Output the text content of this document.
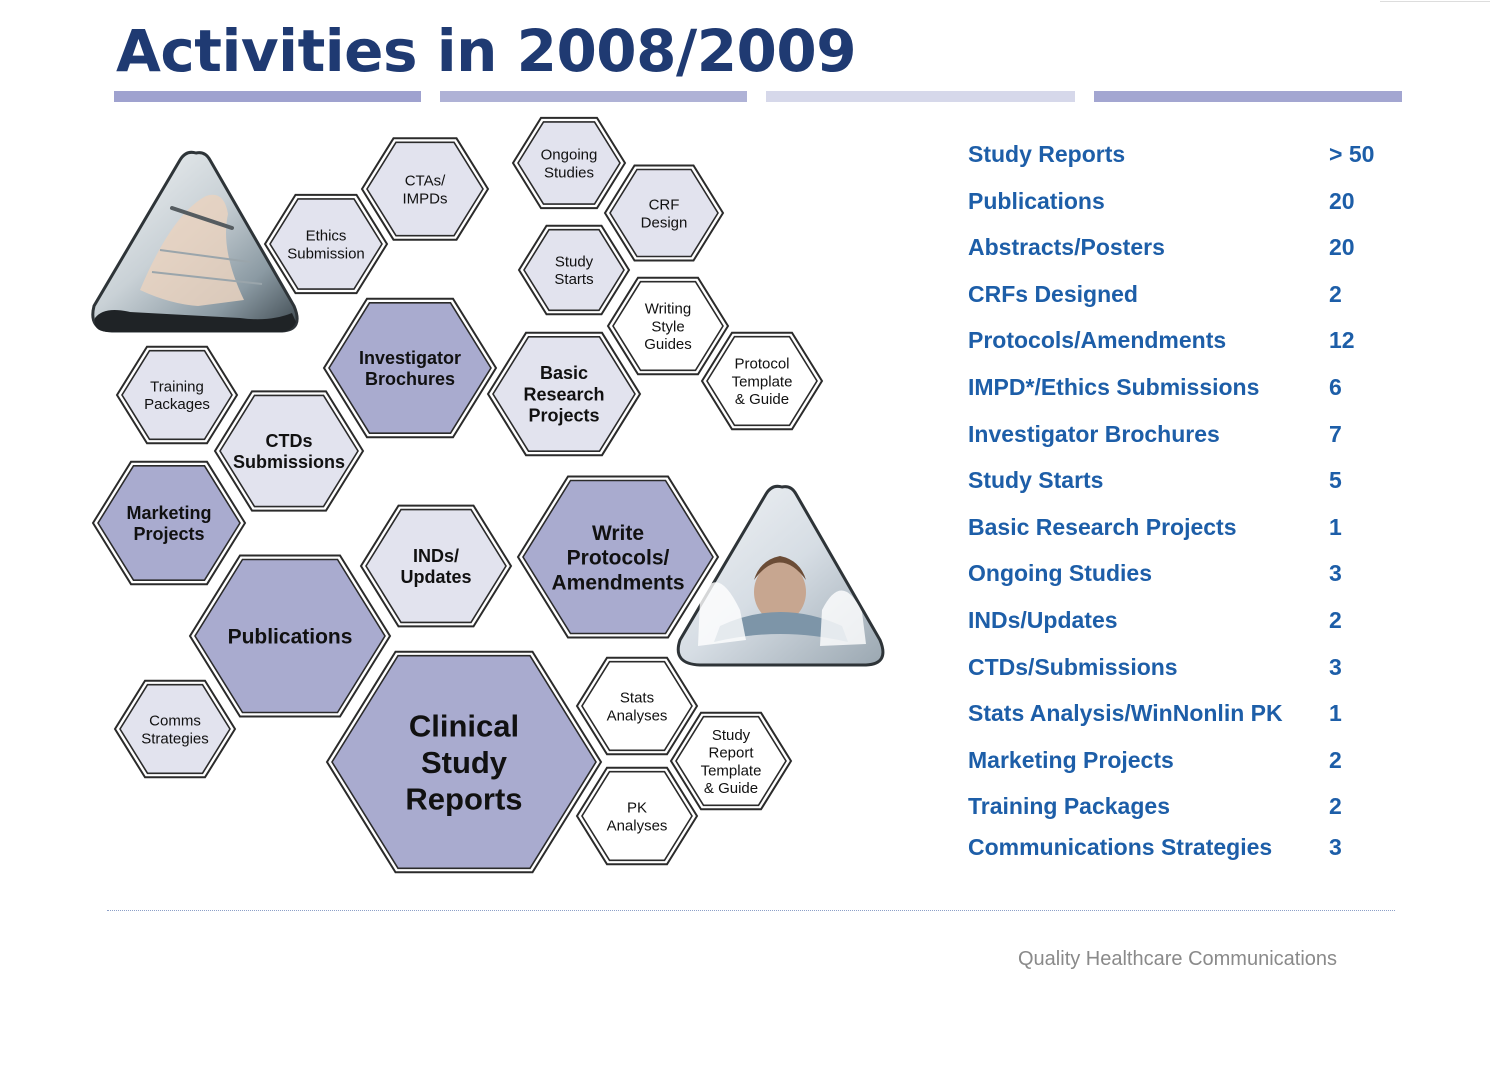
Activities in 2008/2009
Clinical
Study
Reports
Publications
Write
Protocols/
Amendments
Investigator
Brochures
Marketing
Projects
Basic
Research
Projects
CTDs
Submissions
INDs/
Updates
Ethics
Submission
CTAs/
IMPDs
Ongoing
Studies
CRF
Design
Study
Starts
Training
Packages
Comms
Strategies
Writing
Style
Guides
Protocol
Template
& Guide
Stats
Analyses
Study
Report
Template
& Guide
PK
Analyses
Study Reports	> 50
Publications	20
Abstracts/Posters	20
CRFs Designed	2
Protocols/Amendments	12
IMPD*/Ethics Submissions	6
Investigator Brochures	7
Study Starts	5
Basic Research Projects	1
Ongoing Studies	3
INDs/Updates	2
CTDs/Submissions	3
Stats Analysis/WinNonlin PK 1
Marketing Projects	2
Training Packages	2
Communications Strategies 3

Quality Healthcare Communications
